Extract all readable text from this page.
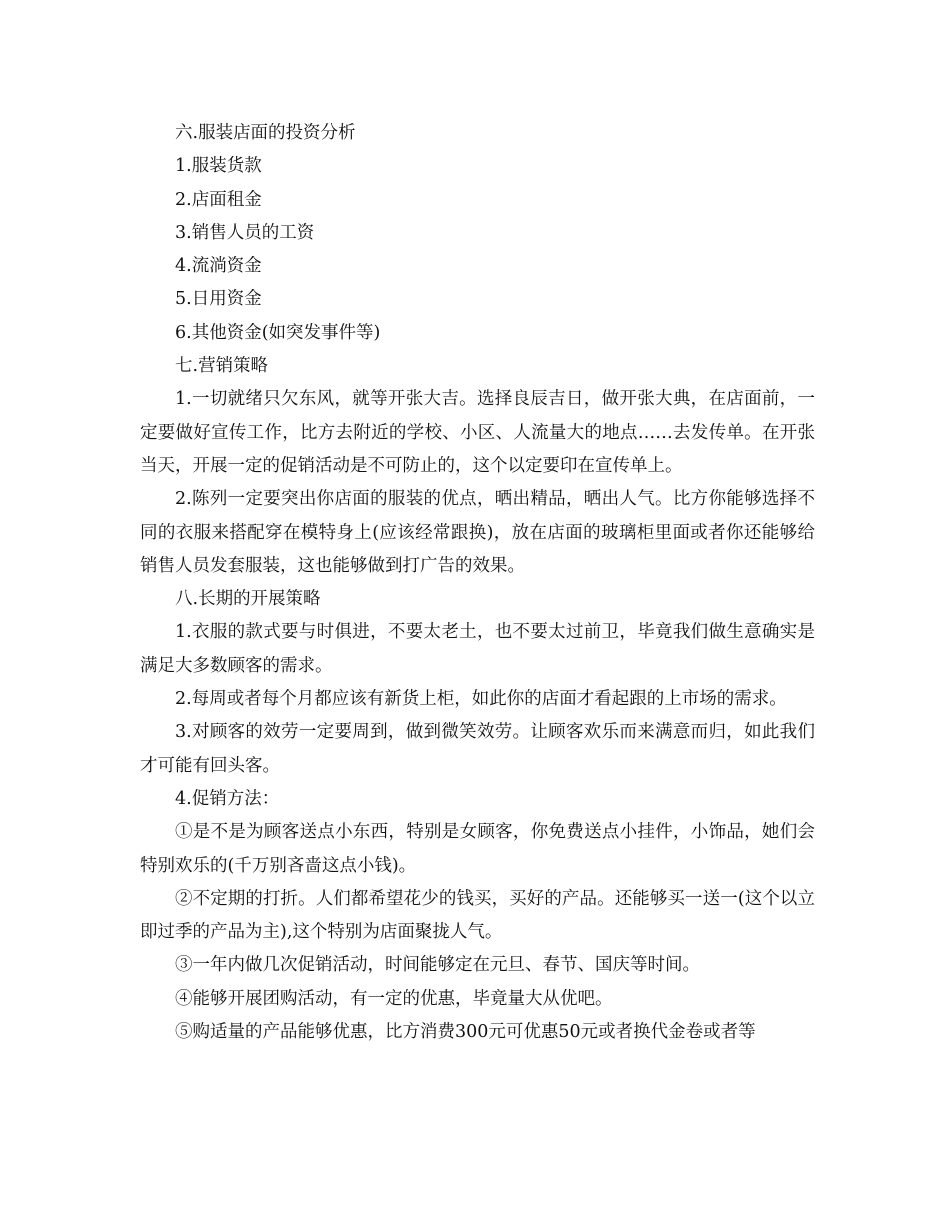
六.服装店面的投资分析

1.服装货款

2.店面租金

3.销售人员的工资

4.流淌资金

5.日用资金

6.其他资金(如突发事件等)

七.营销策略

1.一切就绪只欠东风，就等开张大吉。选择良辰吉日，做开张大典，在店面前，一定要做好宣传工作，比方去附近的学校、小区、人流量大的地点……去发传单。在开张当天，开展一定的促销活动是不可防止的，这个以定要印在宣传单上。

2.陈列一定要突出你店面的服装的优点，晒出精品，晒出人气。比方你能够选择不同的衣服来搭配穿在模特身上(应该经常跟换)，放在店面的玻璃柜里面或者你还能够给销售人员发套服装，这也能够做到打广告的效果。

八.长期的开展策略

1.衣服的款式要与时俱进，不要太老土，也不要太过前卫，毕竟我们做生意确实是满足大多数顾客的需求。

2.每周或者每个月都应该有新货上柜，如此你的店面才看起跟的上市场的需求。

3.对顾客的效劳一定要周到，做到微笑效劳。让顾客欢乐而来满意而归，如此我们才可能有回头客。

4.促销方法：

①是不是为顾客送点小东西，特别是女顾客，你免费送点小挂件，小饰品，她们会特别欢乐的(千万别吝啬这点小钱)。

②不定期的打折。人们都希望花少的钱买，买好的产品。还能够买一送一(这个以立即过季的产品为主),这个特别为店面聚拢人气。

③一年内做几次促销活动，时间能够定在元旦、春节、国庆等时间。

④能够开展团购活动，有一定的优惠，毕竟量大从优吧。

⑤购适量的产品能够优惠，比方消费300元可优惠50元或者换代金卷或者等
